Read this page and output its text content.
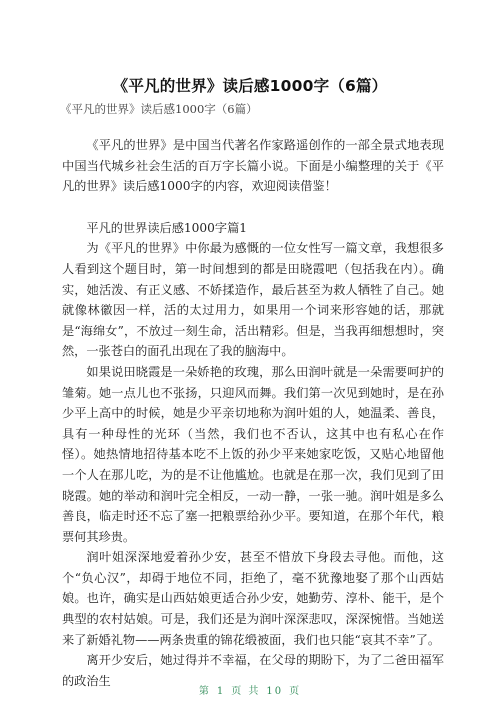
《平凡的世界》读后感1000字（6篇）
《平凡的世界》读后感1000字（6篇）

《平凡的世界》是中国当代著名作家路遥创作的一部全景式地表现中国当代城乡社会生活的百万字长篇小说。下面是小编整理的关于《平凡的世界》读后感1000字的内容，欢迎阅读借鉴！

平凡的世界读后感1000字篇1

为《平凡的世界》中你最为感慨的一位女性写一篇文章，我想很多人看到这个题目时，第一时间想到的都是田晓霞吧（包括我在内）。确实，她活泼、有正义感、不娇揉造作，最后甚至为救人牺牲了自己。她就像林徽因一样，活的太过用力，如果用一个词来形容她的话，那就是“海绵女”，不放过一刻生命，活出精彩。但是，当我再细想想时，突然，一张苍白的面孔出现在了我的脑海中。

如果说田晓霞是一朵娇艳的玫瑰，那么田润叶就是一朵需要呵护的雏菊。她一点儿也不张扬，只迎风而舞。我们第一次见到她时，是在孙少平上高中的时候，她是少平亲切地称为润叶姐的人，她温柔、善良，具有一种母性的光环（当然，我们也不否认，这其中也有私心在作怪）。她热情地招待基本吃不上饭的孙少平来她家吃饭，又贴心地留他一个人在那儿吃，为的是不让他尴尬。也就是在那一次，我们见到了田晓霞。她的举动和润叶完全相反，一动一静，一张一驰。润叶姐是多么善良，临走时还不忘了塞一把粮票给孙少平。要知道，在那个年代，粮票何其珍贵。

润叶姐深深地爱着孙少安，甚至不惜放下身段去寻他。而他，这个“负心汉”，却碍于地位不同，拒绝了，毫不犹豫地娶了那个山西姑娘。也许，确实是山西姑娘更适合孙少安，她勤劳、淳朴、能干，是个典型的农村姑娘。可是，我们还是为润叶深深悲叹，深深惋惜。当她送来了新婚礼物——两条贵重的锦花缎被面，我们也只能“哀其不幸”了。

离开少安后，她过得并不幸福，在父母的期盼下，为了二爸田福军的政治生

第 1 页 共 10 页
